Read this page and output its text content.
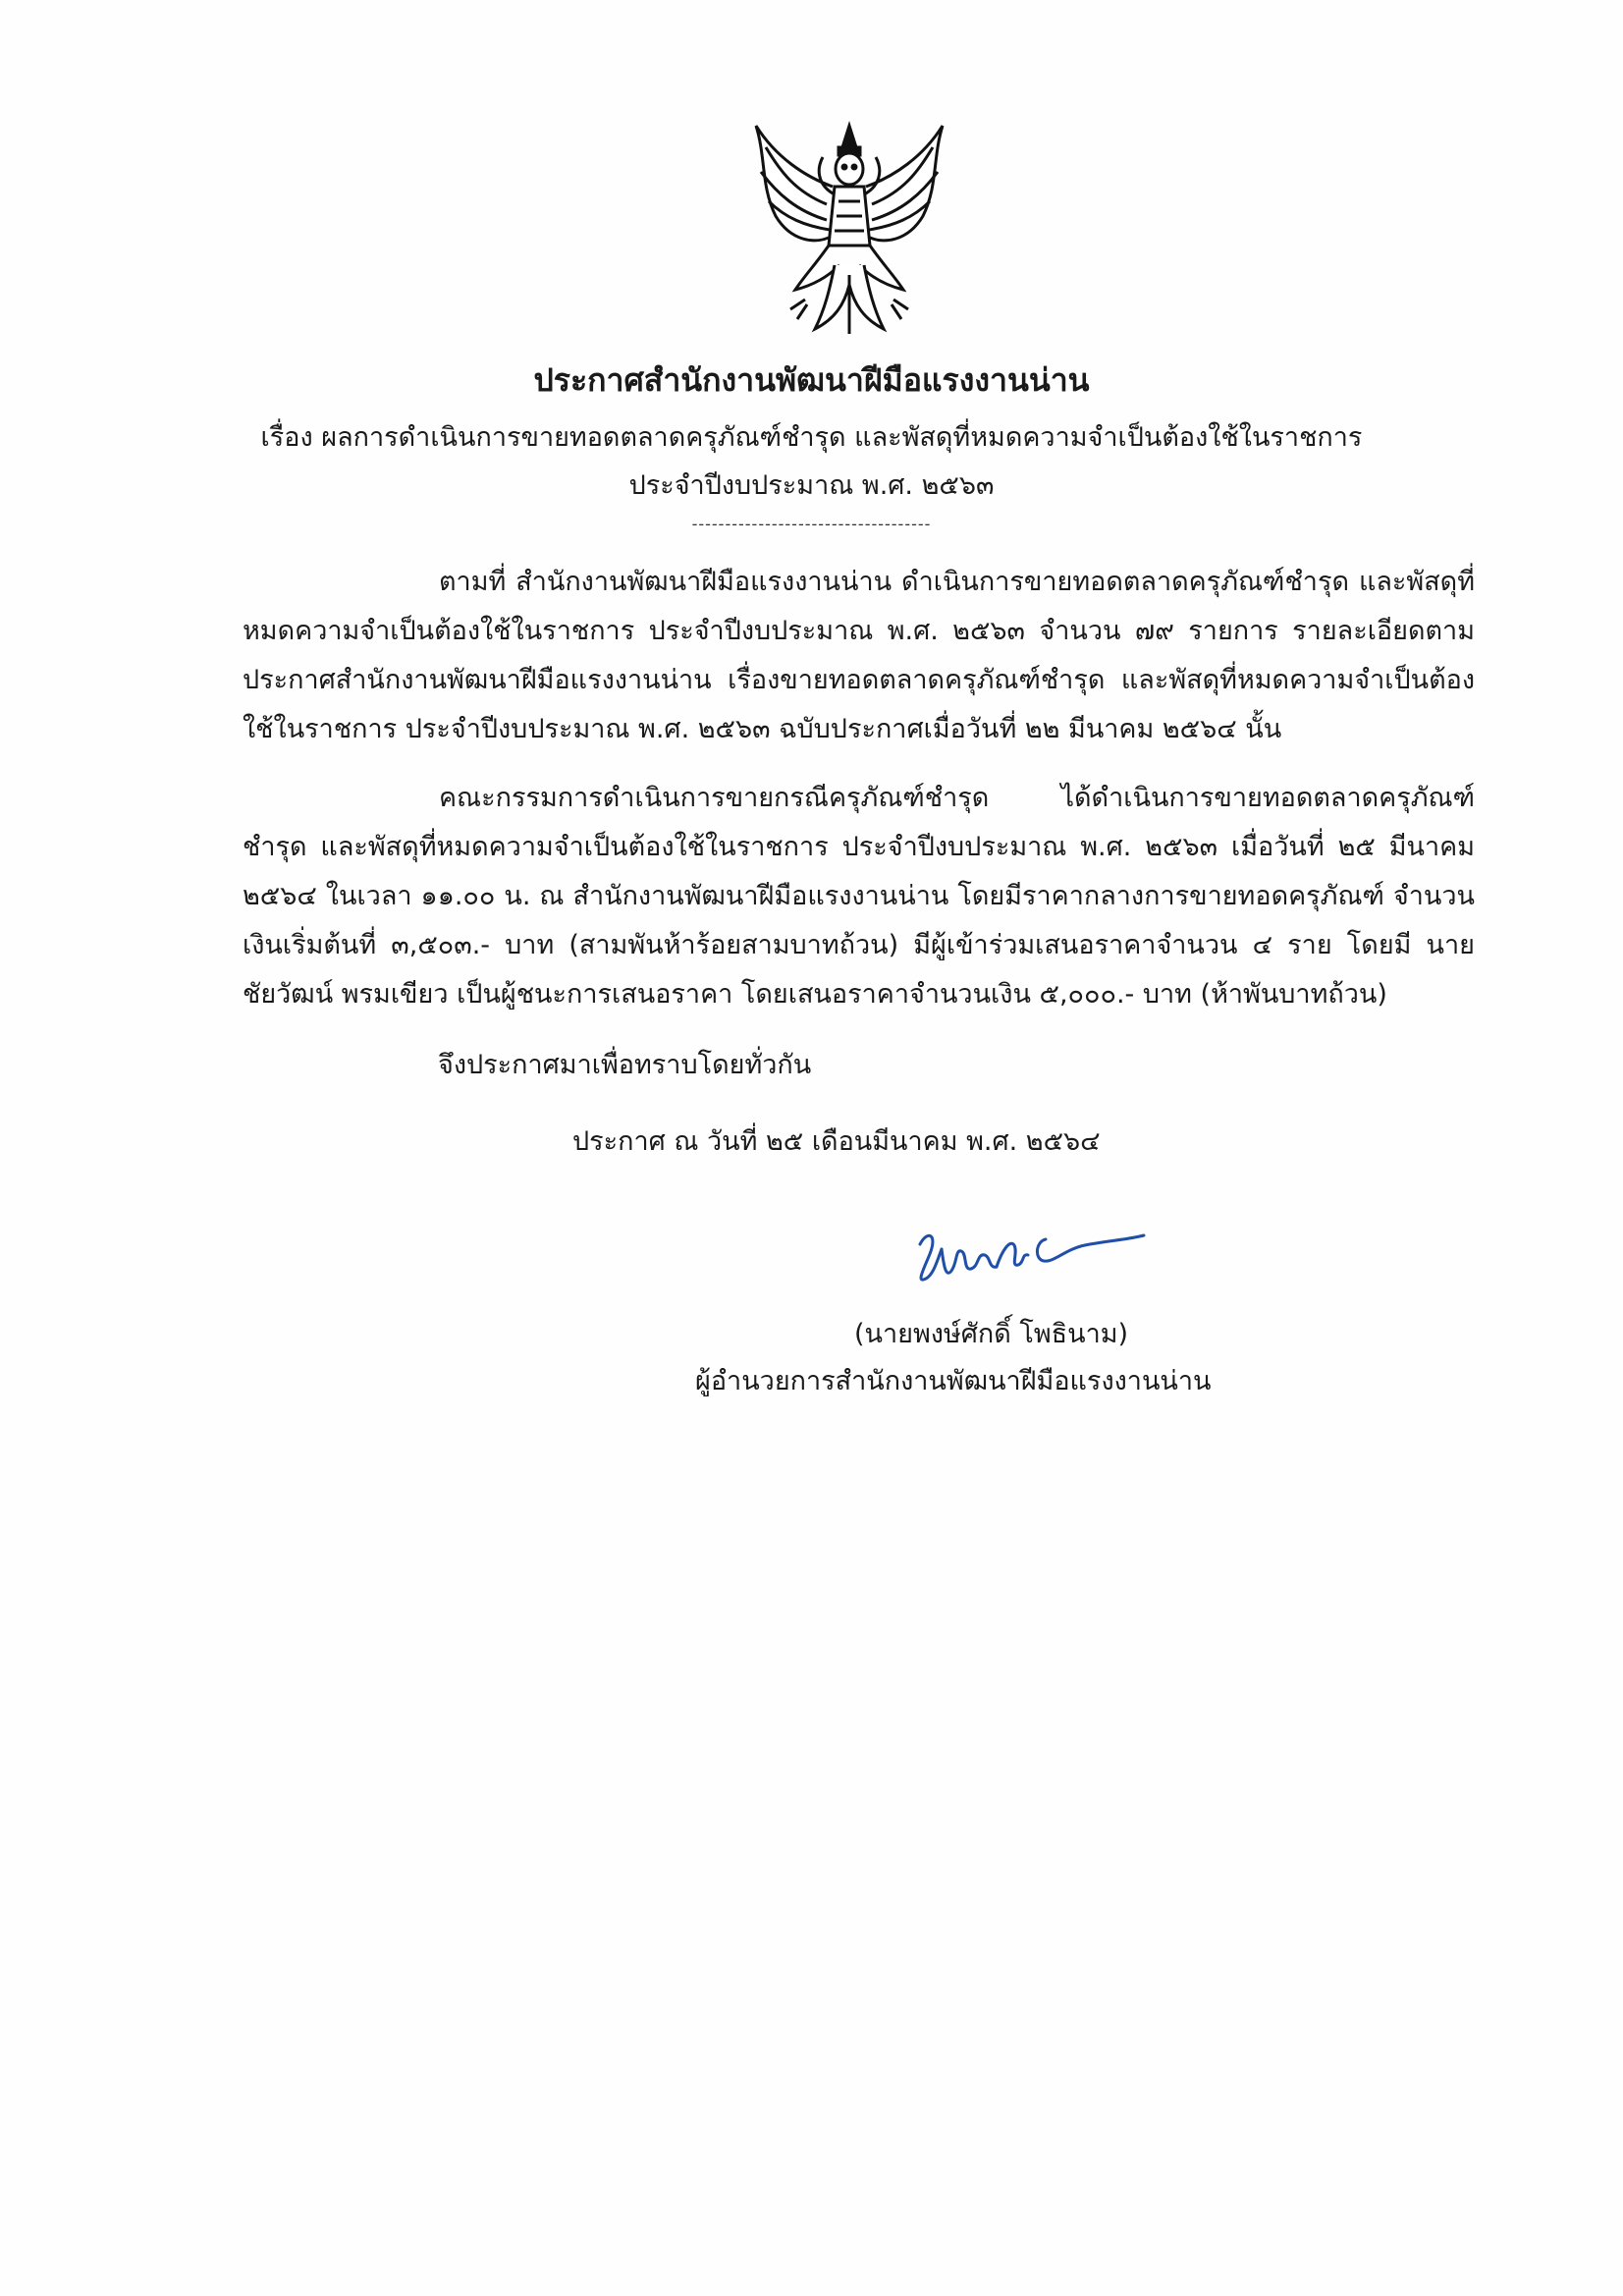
ประกาศสำนักงานพัฒนาฝีมือแรงงานน่าน
เรื่อง ผลการดำเนินการขายทอดตลาดครุภัณฑ์ชำรุด และพัสดุที่หมดความจำเป็นต้องใช้ในราชการ
ประจำปีงบประมาณ พ.ศ. ๒๕๖๓
------------------------------------

ตามที่ สำนักงานพัฒนาฝีมือแรงงานน่าน ดำเนินการขายทอดตลาดครุภัณฑ์ชำรุด และพัสดุที่หมดความจำเป็นต้องใช้ในราชการ ประจำปีงบประมาณ พ.ศ. ๒๕๖๓ จำนวน ๗๙ รายการ รายละเอียดตามประกาศสำนักงานพัฒนาฝีมือแรงงานน่าน เรื่องขายทอดตลาดครุภัณฑ์ชำรุด และพัสดุที่หมดความจำเป็นต้องใช้ในราชการ ประจำปีงบประมาณ พ.ศ. ๒๕๖๓ ฉบับประกาศเมื่อวันที่ ๒๒ มีนาคม ๒๕๖๔ นั้น

คณะกรรมการดำเนินการขายกรณีครุภัณฑ์ชำรุด ได้ดำเนินการขายทอดตลาดครุภัณฑ์ชำรุด และพัสดุที่หมดความจำเป็นต้องใช้ในราชการ ประจำปีงบประมาณ พ.ศ. ๒๕๖๓ เมื่อวันที่ ๒๕ มีนาคม ๒๕๖๔ ในเวลา ๑๑.๐๐ น. ณ สำนักงานพัฒนาฝีมือแรงงานน่าน โดยมีราคากลางการขายทอดครุภัณฑ์ จำนวนเงินเริ่มต้นที่ ๓,๕๐๓.- บาท (สามพันห้าร้อยสามบาทถ้วน) มีผู้เข้าร่วมเสนอราคาจำนวน ๔ ราย โดยมี นายชัยวัฒน์ พรมเขียว เป็นผู้ชนะการเสนอราคา โดยเสนอราคาจำนวนเงิน ๕,๐๐๐.- บาท (ห้าพันบาทถ้วน)

จึงประกาศมาเพื่อทราบโดยทั่วกัน
ประกาศ ณ วันที่ ๒๕ เดือนมีนาคม พ.ศ. ๒๕๖๔
(นายพงษ์ศักดิ์ โพธินาม)
ผู้อำนวยการสำนักงานพัฒนาฝีมือแรงงานน่าน
